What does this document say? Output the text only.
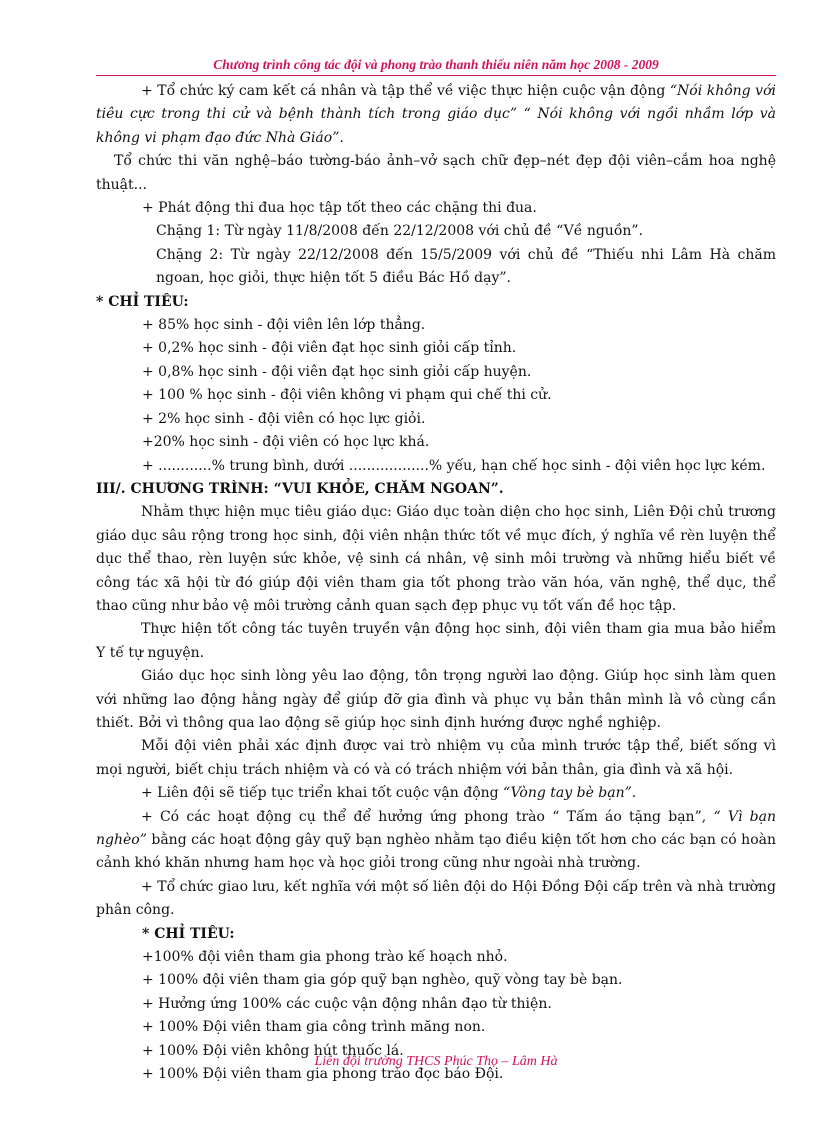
Chương trình công tác đội và phong trào thanh thiếu niên năm học 2008 - 2009

+ Tổ chức ký cam kết cá nhân và tập thể về việc thực hiện cuộc vận động “Nói không với tiêu cực trong thi cử và bệnh thành tích trong giáo dục” “ Nói không với ngồi nhầm lớp và không vi phạm đạo đức Nhà Giáo”.

Tổ chức thi văn nghệ–báo tường-báo ảnh–vở sạch chữ đẹp–nét đẹp đội viên–cắm hoa nghệ thuật...

+ Phát động thi đua học tập tốt theo các chặng thi đua.

Chặng 1: Từ ngày 11/8/2008 đến 22/12/2008 với chủ đề “Về nguồn”.

Chặng 2: Từ ngày 22/12/2008 đến 15/5/2009 với chủ đề “Thiếu nhi Lâm Hà chăm ngoan, học giỏi, thực hiện tốt 5 điều Bác Hồ dạy”.

* CHỈ TIÊU:

+ 85% học sinh - đội viên lên lớp thẳng.

+ 0,2% học sinh - đội viên đạt học sinh giỏi cấp tỉnh.

+ 0,8% học sinh - đội viên đạt học sinh giỏi cấp huyện.

+ 100 % học sinh - đội viên không vi phạm qui chế thi cử.

+ 2% học sinh - đội viên có học lực giỏi.

+20% học sinh - đội viên có học lực khá.

+ ............% trung bình, dưới ..................% yếu, hạn chế học sinh - đội viên học lực kém.

III/. CHƯƠNG TRÌNH: “VUI KHỎE, CHĂM NGOAN”.

Nhằm thực hiện mục tiêu giáo dục: Giáo dục toàn diện cho học sinh, Liên Đội chủ trương giáo dục sâu rộng trong học sinh, đội viên nhận thức tốt về mục đích, ý nghĩa về rèn luyện thể dục thể thao, rèn luyện sức khỏe, vệ sinh cá nhân, vệ sinh môi trường và những hiểu biết về công tác xã hội từ đó giúp đội viên tham gia tốt phong trào văn hóa, văn nghệ, thể dục, thể thao cũng như bảo vệ môi trường cảnh quan sạch đẹp phục vụ tốt vấn đề học tập.

Thực hiện tốt công tác tuyên truyền vận động học sinh, đội viên tham gia mua bảo hiểm Y tế tự nguyện.

Giáo dục học sinh lòng yêu lao động, tôn trọng người lao động. Giúp học sinh làm quen với những lao động hằng ngày để giúp đỡ gia đình và phục vụ bản thân mình là vô cùng cần thiết. Bởi vì thông qua lao động sẽ giúp học sinh định hướng được nghề nghiệp.

Mỗi đội viên phải xác định được vai trò nhiệm vụ của mình trước tập thể, biết sống vì mọi người, biết chịu trách nhiệm và có và có trách nhiệm với bản thân, gia đình và xã hội.

+ Liên đội sẽ tiếp tục triển khai tốt cuộc vận động “Vòng tay bè bạn”.

+ Có các hoạt động cụ thể để hưởng ứng phong trào “ Tấm áo tặng bạn”, “ Vì bạn nghèo” bằng các hoạt động gây quỹ bạn nghèo nhằm tạo điều kiện tốt hơn cho các bạn có hoàn cảnh khó khăn nhưng ham học và học giỏi trong cũng như ngoài nhà trường.

+ Tổ chức giao lưu, kết nghĩa với một số liên đội do Hội Đồng Đội cấp trên và nhà trường phân công.

* CHỈ TIÊU:

+100% đội viên tham gia phong trào kế hoạch nhỏ.

+ 100% đội viên tham gia góp quỹ bạn nghèo, quỹ vòng tay bè bạn.

+ Hưởng ứng 100% các cuộc vận động nhân đạo từ thiện.

+ 100% Đội viên tham gia công trình măng non.

+ 100% Đội viên không hút thuốc lá.

+ 100% Đội viên tham gia phong trào đọc báo Đội.

Liên đội trường THCS Phúc Thọ – Lâm Hà
